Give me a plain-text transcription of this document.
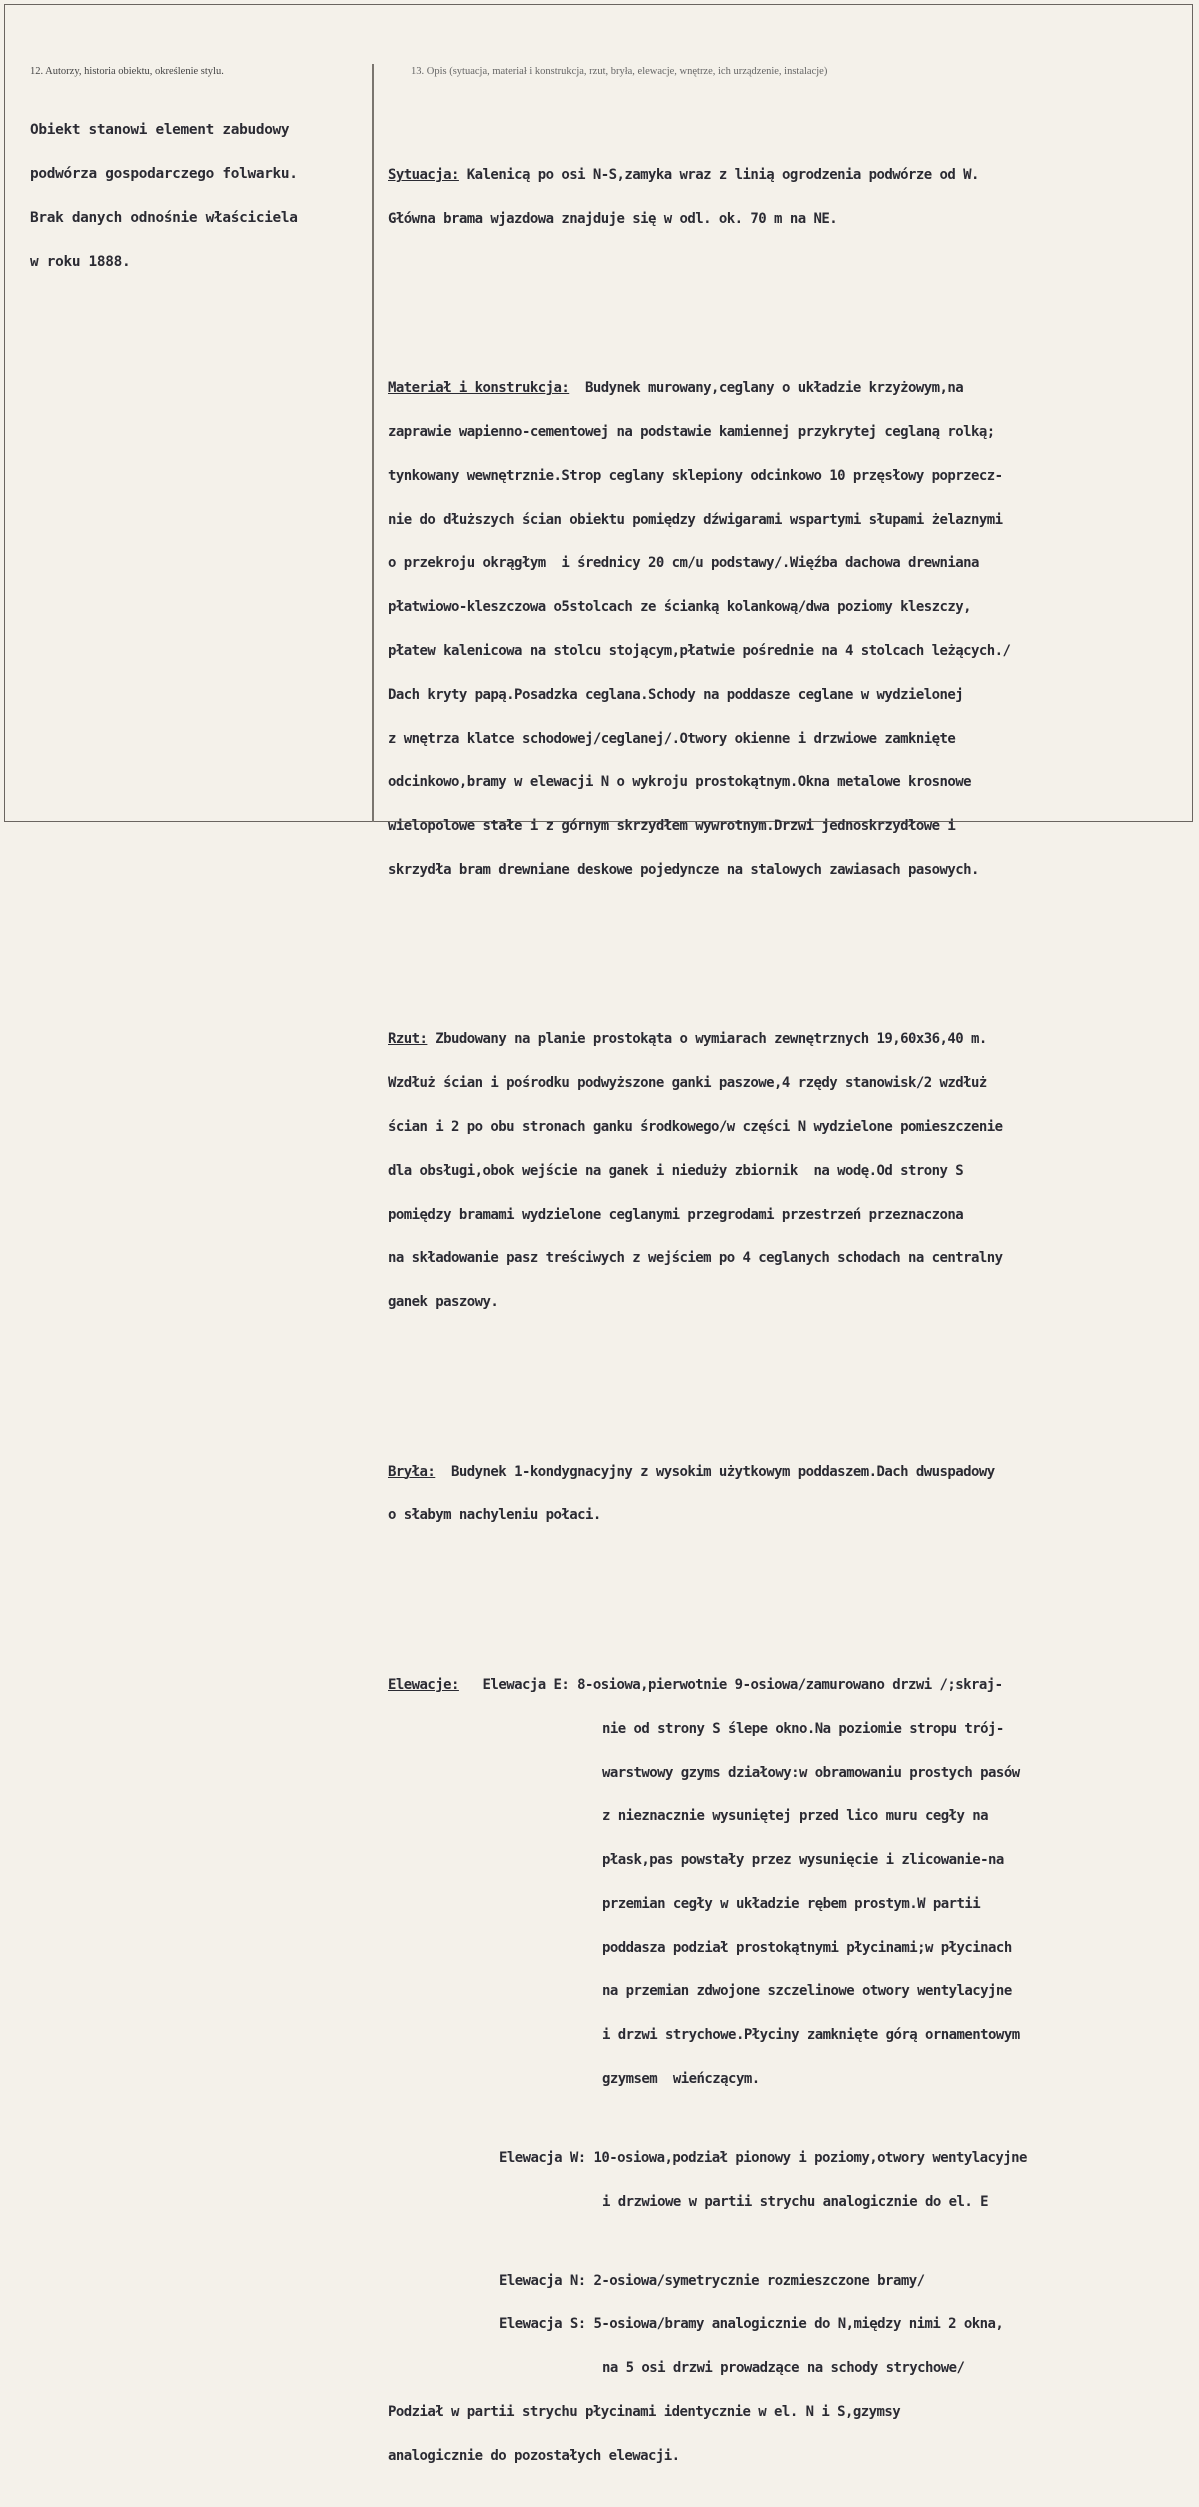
12. Autorzy, historia obiektu, określenie stylu.	13. Opis (sytuacja, materiał i konstrukcja, rzut, bryła, elewacje, wnętrze, ich urządzenie, instalacje)

Obiekt stanowi element zabudowy

podwórza gospodarczego folwarku.

Brak danych odnośnie właściciela

w roku 1888.

Sytuacja: Kalenicą po osi N-S,zamyka wraz z linią ogrodzenia podwórze od W.

Główna brama wjazdowa znajduje się w odl. ok. 70 m na NE.

Materiał i konstrukcja:  Budynek murowany,ceglany o układzie krzyżowym,na

zaprawie wapienno-cementowej na podstawie kamiennej przykrytej ceglaną rolką;

tynkowany wewnętrznie.Strop ceglany sklepiony odcinkowo 10 przęsłowy poprzecz-

nie do dłuższych ścian obiektu pomiędzy dźwigarami wspartymi słupami żelaznymi

o przekroju okrągłym  i średnicy 20 cm/u podstawy/.Więźba dachowa drewniana

płatwiowo-kleszczowa o5stolcach ze ścianką kolankową/dwa poziomy kleszczy,

płatew kalenicowa na stolcu stojącym,płatwie pośrednie na 4 stolcach leżących./

Dach kryty papą.Posadzka ceglana.Schody na poddasze ceglane w wydzielonej

z wnętrza klatce schodowej/ceglanej/.Otwory okienne i drzwiowe zamknięte

odcinkowo,bramy w elewacji N o wykroju prostokątnym.Okna metalowe krosnowe

wielopolowe stałe i z górnym skrzydłem wywrotnym.Drzwi jednoskrzydłowe i

skrzydła bram drewniane deskowe pojedyncze na stalowych zawiasach pasowych.

Rzut: Zbudowany na planie prostokąta o wymiarach zewnętrznych 19,60x36,40 m.

Wzdłuż ścian i pośrodku podwyższone ganki paszowe,4 rzędy stanowisk/2 wzdłuż

ścian i 2 po obu stronach ganku środkowego/w części N wydzielone pomieszczenie

dla obsługi,obok wejście na ganek i nieduży zbiornik  na wodę.Od strony S

pomiędzy bramami wydzielone ceglanymi przegrodami przestrzeń przeznaczona

na składowanie pasz treściwych z wejściem po 4 ceglanych schodach na centralny

ganek paszowy.

Bryła:  Budynek 1-kondygnacyjny z wysokim użytkowym poddaszem.Dach dwuspadowy

o słabym nachyleniu połaci.

Elewacje:   Elewacja E: 8-osiowa,pierwotnie 9-osiowa/zamurowano drzwi /;skraj-

nie od strony S ślepe okno.Na poziomie stropu trój-

warstwowy gzyms działowy:w obramowaniu prostych pasów

z nieznacznie wysuniętej przed lico muru cegły na

płask,pas powstały przez wysunięcie i zlicowanie-na

przemian cegły w układzie rębem prostym.W partii

poddasza podział prostokątnymi płycinami;w płycinach

na przemian zdwojone szczelinowe otwory wentylacyjne

i drzwi strychowe.Płyciny zamknięte górą ornamentowym

gzymsem  wieńczącym.

Elewacja W: 10-osiowa,podział pionowy i poziomy,otwory wentylacyjne

i drzwiowe w partii strychu analogicznie do el. E

Elewacja N: 2-osiowa/symetrycznie rozmieszczone bramy/

Elewacja S: 5-osiowa/bramy analogicznie do N,między nimi 2 okna,

na 5 osi drzwi prowadzące na schody strychowe/

Podział w partii strychu płycinami identycznie w el. N i S,gzymsy

analogicznie do pozostałych elewacji.
